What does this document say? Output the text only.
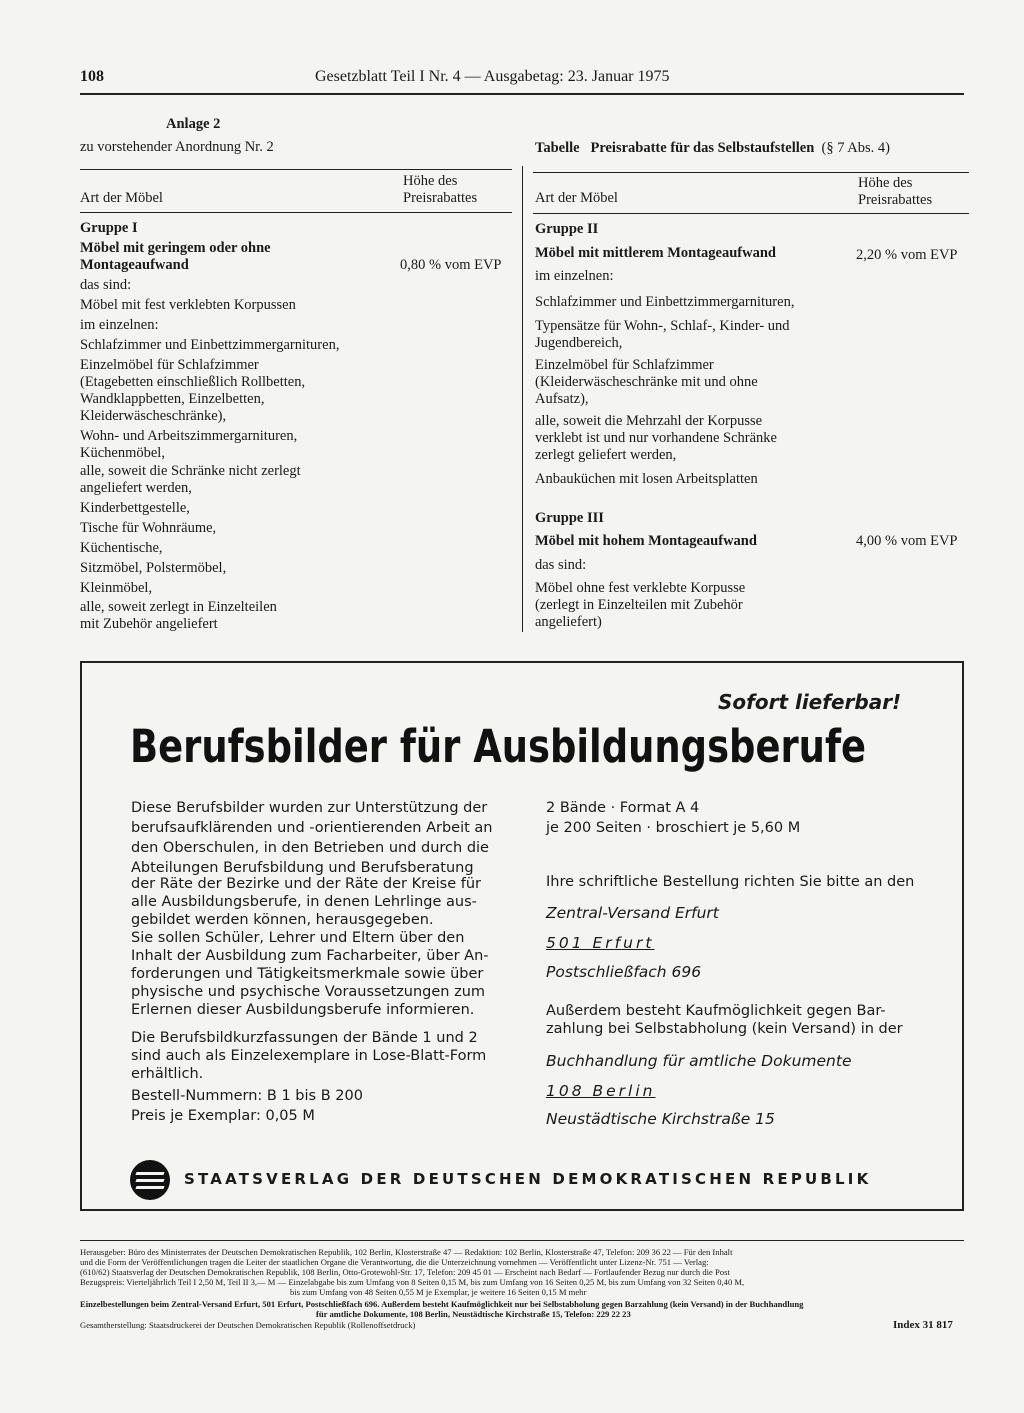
108	Gesetzblatt Teil I Nr. 4 — Ausgabetag: 23. Januar 1975
Anlage 2
zu vorstehender Anordnung Nr. 2
Art der Möbel
Höhe des
Preisrabattes
Gruppe I
Möbel mit geringem oder ohne
Montageaufwand	0,80 % vom EVP
das sind:
Möbel mit fest verklebten Korpussen
im einzelnen:
Schlafzimmer und Einbettzimmergarnituren,
Einzelmöbel für Schlafzimmer
(Etagebetten einschließlich Rollbetten,
Wandklappbetten, Einzelbetten,
Kleiderwäscheschränke),
Wohn- und Arbeitszimmergarnituren,
Küchenmöbel,
alle, soweit die Schränke nicht zerlegt
angeliefert werden,
Kinderbettgestelle,
Tische für Wohnräume,
Küchentische,
Sitzmöbel, Polstermöbel,
Kleinmöbel,
alle, soweit zerlegt in Einzelteilen
mit Zubehör angeliefert
Tabelle Preisrabatte für das Selbstaufstellen (§ 7 Abs. 4)
Art der Möbel
Höhe des
Preisrabattes
Gruppe II
Möbel mit mittlerem Montageaufwand	2,20 % vom EVP
im einzelnen:
Schlafzimmer und Einbettzimmergarnituren,
Typensätze für Wohn-, Schlaf-, Kinder- und
Jugendbereich,
Einzelmöbel für Schlafzimmer
(Kleiderwäscheschränke mit und ohne
Aufsatz),
alle, soweit die Mehrzahl der Korpusse
verklebt ist und nur vorhandene Schränke
zerlegt geliefert werden,
Anbauküchen mit losen Arbeitsplatten
Gruppe III
Möbel mit hohem Montageaufwand	4,00 % vom EVP
das sind:
Möbel ohne fest verklebte Korpusse
(zerlegt in Einzelteilen mit Zubehör
angeliefert)
Sofort lieferbar!
Berufsbilder für Ausbildungsberufe
Diese Berufsbilder wurden zur Unterstützung der
berufsaufklärenden und -orientierenden Arbeit an
den Oberschulen, in den Betrieben und durch die
Abteilungen Berufsbildung und Berufsberatung
der Räte der Bezirke und der Räte der Kreise für
alle Ausbildungsberufe, in denen Lehrlinge aus-
gebildet werden können, herausgegeben.
Sie sollen Schüler, Lehrer und Eltern über den
Inhalt der Ausbildung zum Facharbeiter, über An-
forderungen und Tätigkeitsmerkmale sowie über
physische und psychische Voraussetzungen zum
Erlernen dieser Ausbildungsberufe informieren.
Die Berufsbildkurzfassungen der Bände 1 und 2
sind auch als Einzelexemplare in Lose-Blatt-Form
erhältlich.
Bestell-Nummern: B 1 bis B 200
Preis je Exemplar: 0,05 M
2 Bände · Format A 4
je 200 Seiten · broschiert je 5,60 M
Ihre schriftliche Bestellung richten Sie bitte an den
Zentral-Versand Erfurt
501 Erfurt
Postschließfach 696
Außerdem besteht Kaufmöglichkeit gegen Bar-
zahlung bei Selbstabholung (kein Versand) in der
Buchhandlung für amtliche Dokumente
108 Berlin
Neustädtische Kirchstraße 15
STAATSVERLAG DER DEUTSCHEN DEMOKRATISCHEN REPUBLIK
Herausgeber: Büro des Ministerrates der Deutschen Demokratischen Republik, 102 Berlin, Klosterstraße 47 — Redaktion: 102 Berlin, Klosterstraße 47, Telefon: 209 36 22 — Für den Inhalt
und die Form der Veröffentlichungen tragen die Leiter der staatlichen Organe die Verantwortung, die die Unterzeichnung vornehmen — Veröffentlicht unter Lizenz-Nr. 751 — Verlag:
(610/62) Staatsverlag der Deutschen Demokratischen Republik, 108 Berlin, Otto-Grotewohl-Str. 17, Telefon: 209 45 01 — Erscheint nach Bedarf — Fortlaufender Bezug nur durch die Post
Bezugspreis: Vierteljährlich Teil I 2,50 M, Teil II 3,— M — Einzelabgabe bis zum Umfang von 8 Seiten 0,15 M, bis zum Umfang von 16 Seiten 0,25 M, bis zum Umfang von 32 Seiten 0,40 M,
bis zum Umfang von 48 Seiten 0,55 M je Exemplar, je weitere 16 Seiten 0,15 M mehr
Einzelbestellungen beim Zentral-Versand Erfurt, 501 Erfurt, Postschließfach 696. Außerdem besteht Kaufmöglichkeit nur bei Selbstabholung gegen Barzahlung (kein Versand) in der Buchhandlung
für amtliche Dokumente, 108 Berlin, Neustädtische Kirchstraße 15, Telefon: 229 22 23
Gesamtherstellung: Staatsdruckerei der Deutschen Demokratischen Republik (Rollenoffsetdruck)	Index 31 817
